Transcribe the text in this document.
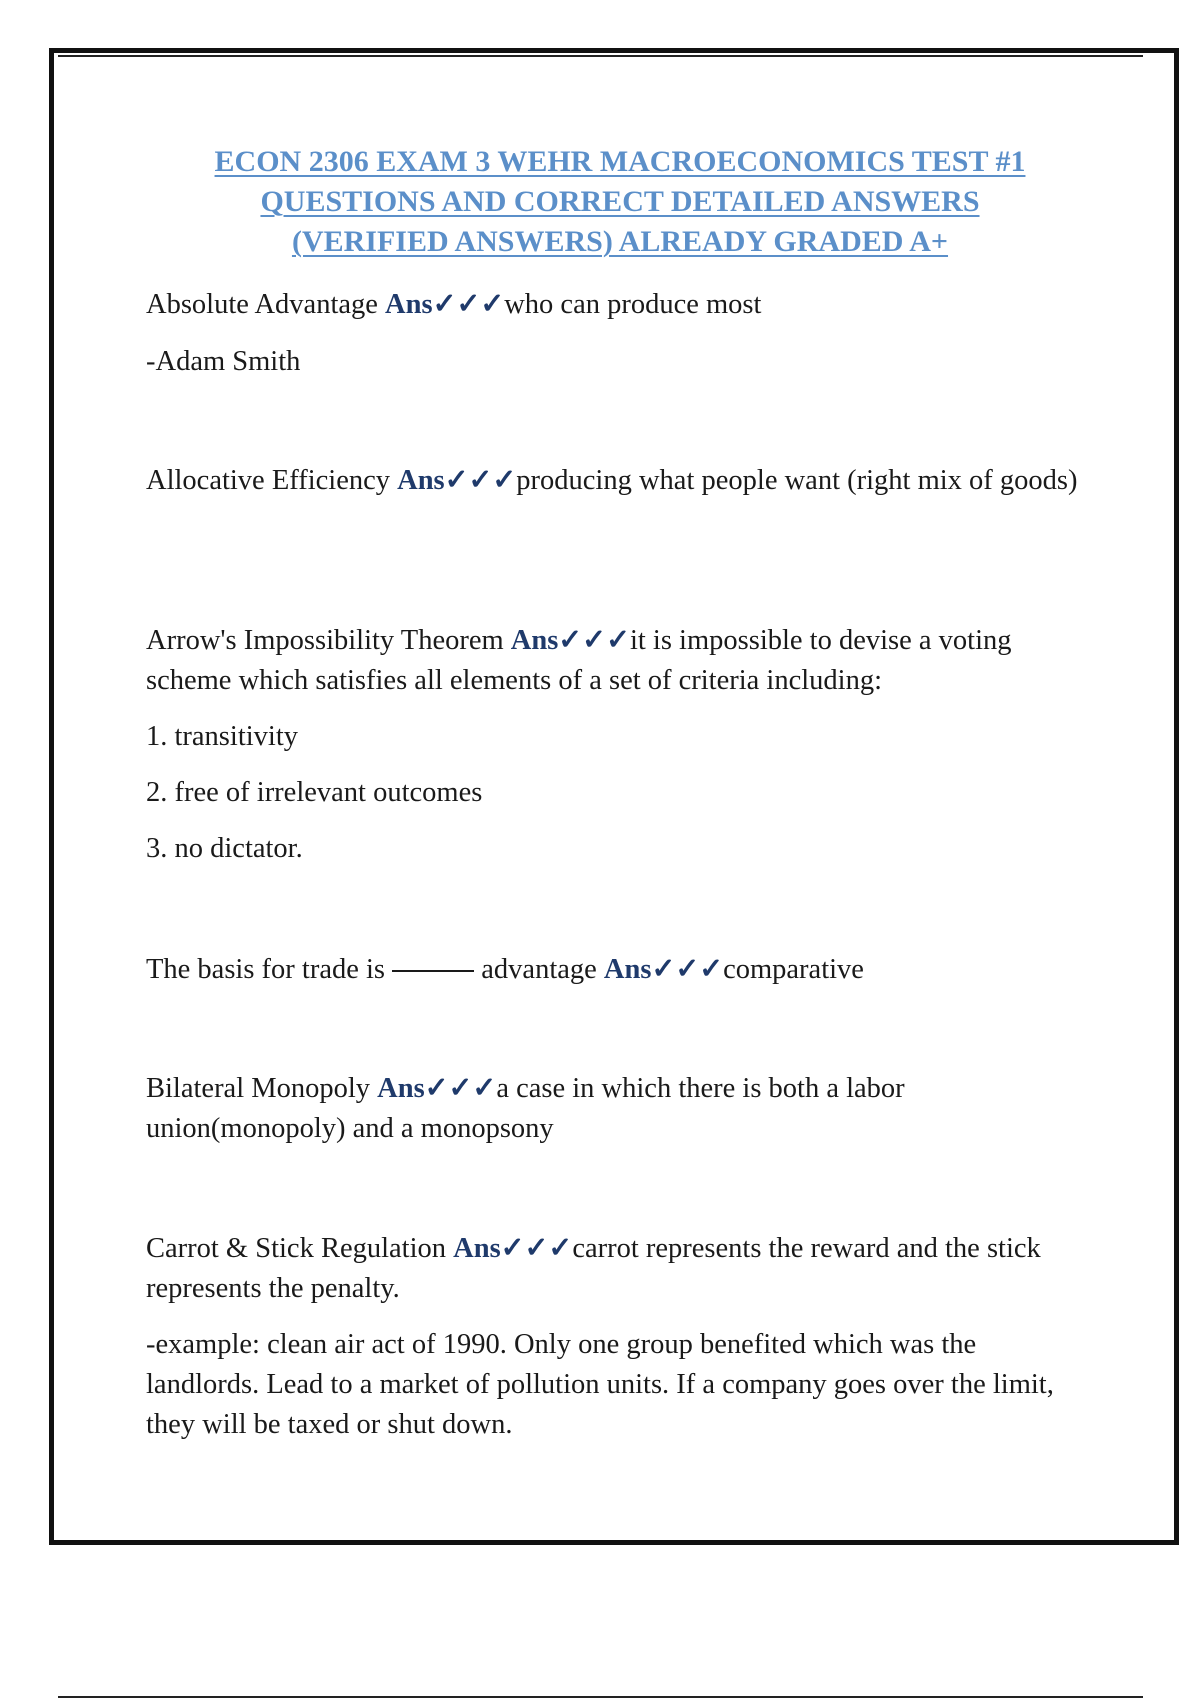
ECON 2306 EXAM 3 WEHR MACROECONOMICS TEST #1
QUESTIONS AND CORRECT DETAILED ANSWERS
(VERIFIED ANSWERS) ALREADY GRADED A+

Absolute Advantage Ans✓✓✓who can produce most

-Adam Smith

Allocative Efficiency Ans✓✓✓producing what people want (right mix of goods)

Arrow's Impossibility Theorem Ans✓✓✓it is impossible to devise a voting scheme which satisfies all elements of a set of criteria including:

1. transitivity

2. free of irrelevant outcomes

3. no dictator.

The basis for trade is	advantage Ans✓✓✓comparative

Bilateral Monopoly Ans✓✓✓a case in which there is both a labor union(monopoly) and a monopsony

Carrot & Stick Regulation Ans✓✓✓carrot represents the reward and the stick represents the penalty.

-example: clean air act of 1990. Only one group benefited which was the landlords. Lead to a market of pollution units. If a company goes over the limit, they will be taxed or shut down.
